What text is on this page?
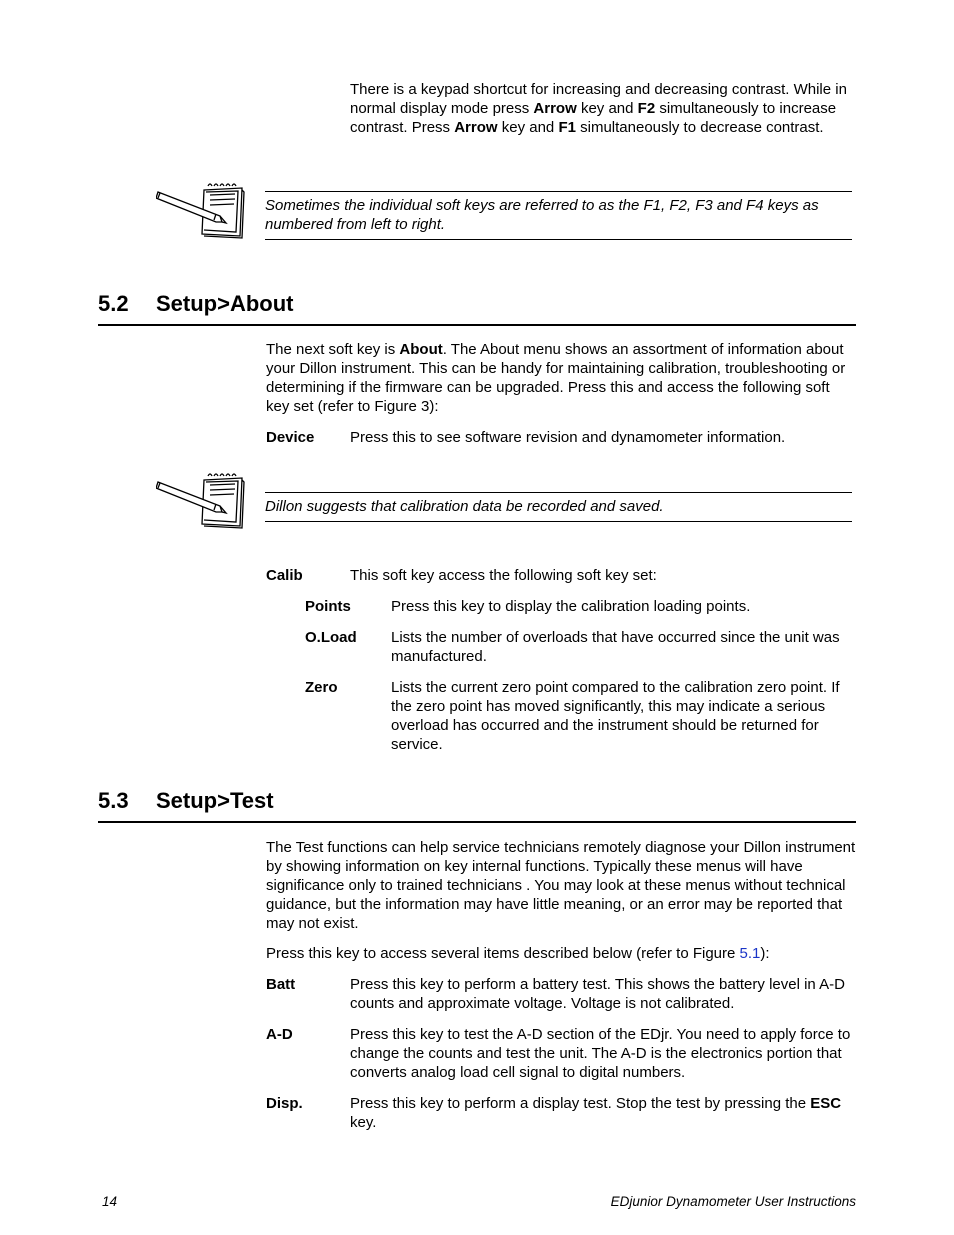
There is a keypad shortcut for increasing and decreasing contrast. While in normal display mode press Arrow key and F2 simultaneously to increase contrast. Press Arrow key and F1 simultaneously to decrease contrast.

Sometimes the individual soft keys are referred to as the F1, F2, F3 and F4 keys as numbered from left to right.
5.2 Setup>About

The next soft key is About. The About menu shows an assortment of information about your Dillon instrument. This can be handy for maintaining calibration, troubleshooting or determining if the firmware can be upgraded. Press this and access the following soft key set (refer to Figure 3):

Device Press this to see software revision and dynamometer information.
Dillon suggests that calibration data be recorded and saved.
Calib	This soft key access the following soft key set:
Points	Press this key to display the calibration loading points.
O.Load Lists the number of overloads that have occurred since the unit was manufactured.
Zero	Lists the current zero point compared to the calibration zero point. If the zero point has moved significantly, this may indicate a serious overload has occurred and the instrument should be returned for service.
5.3 Setup>Test

The Test functions can help service technicians remotely diagnose your Dillon instrument by showing information on key internal functions. Typically these menus will have significance only to trained technicians . You may look at these menus without technical guidance, but the information may have little meaning, or an error may be reported that may not exist.

Press this key to access several items described below (refer to Figure 5.1):

Batt	Press this key to perform a battery test. This shows the battery level in A-D counts and approximate voltage. Voltage is not calibrated.
A-D	Press this key to test the A-D section of the EDjr. You need to apply force to change the counts and test the unit. The A-D is the electronics portion that converts analog load cell signal to digital numbers.
Disp.	Press this key to perform a display test. Stop the test by pressing the ESC key.
14	EDjunior Dynamometer User Instructions
